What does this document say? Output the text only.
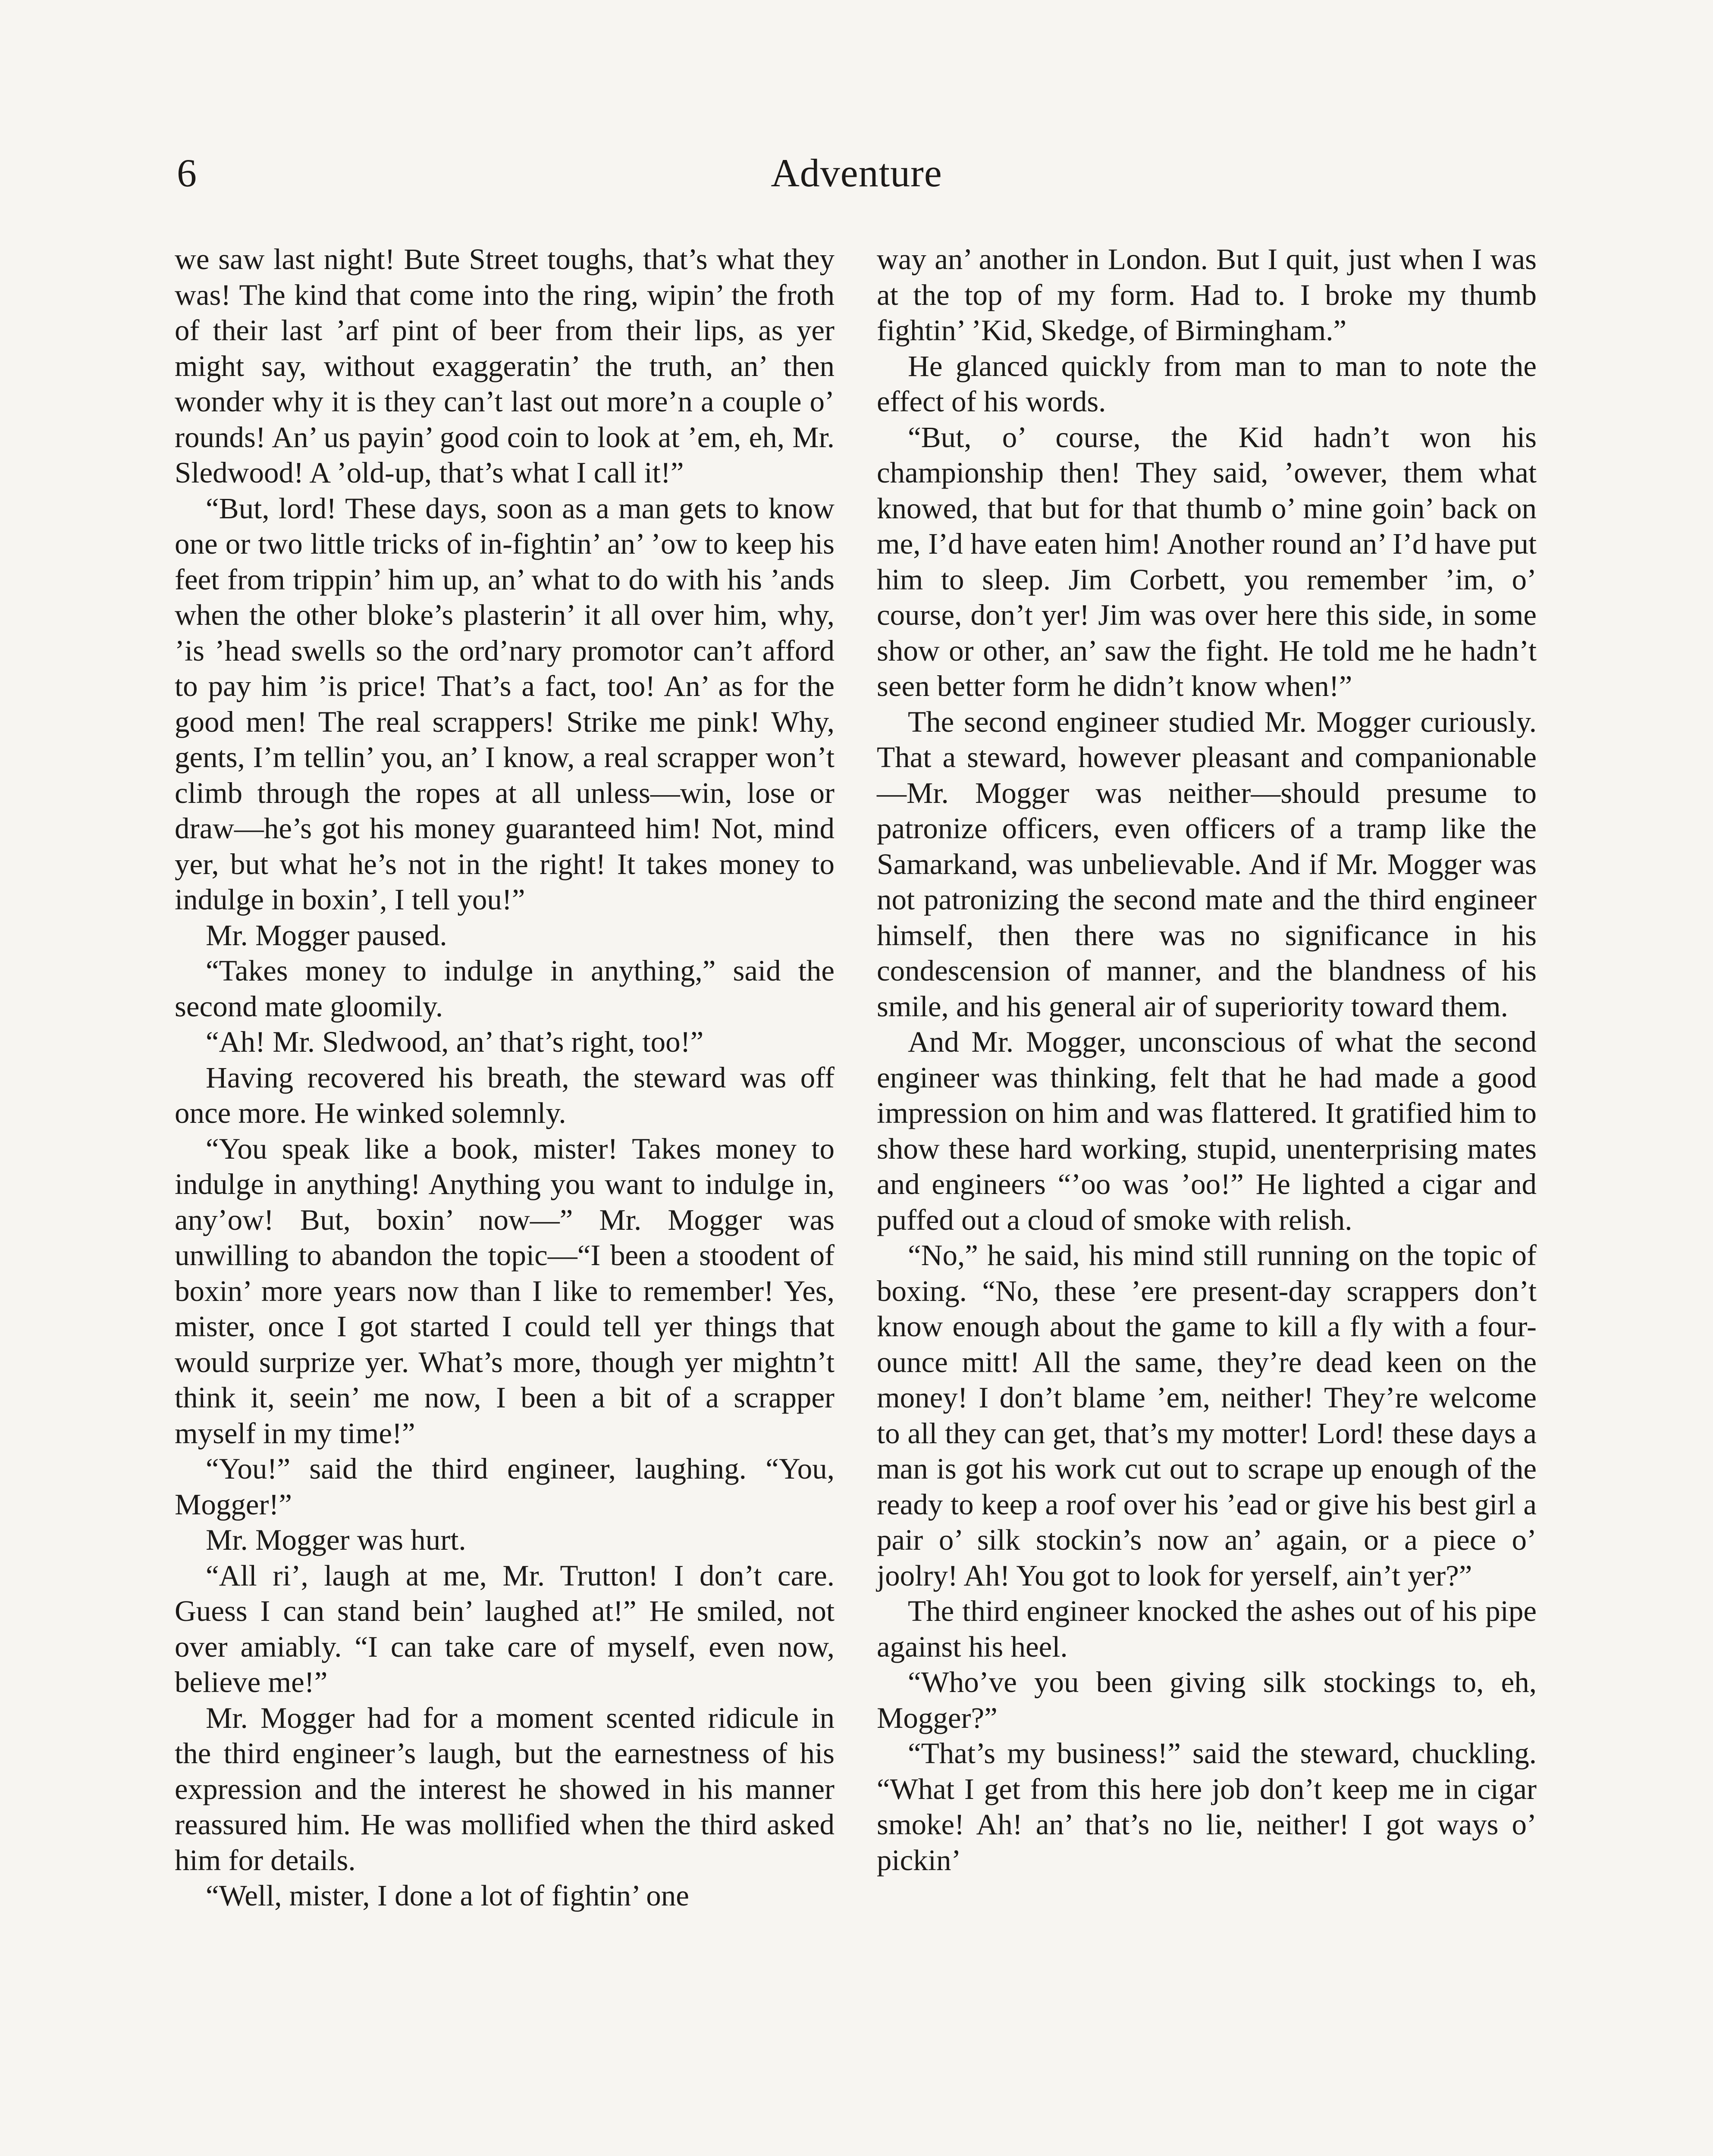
6	Adventure

we saw last night! Bute Street toughs, that’s what they was! The kind that come into the ring, wipin’ the froth of their last ’arf pint of beer from their lips, as yer might say, without exaggeratin’ the truth, an’ then wonder why it is they can’t last out more’n a couple o’ rounds! An’ us payin’ good coin to look at ’em, eh, Mr. Sledwood! A ’old-up, that’s what I call it!”

“But, lord! These days, soon as a man gets to know one or two little tricks of in-fightin’ an’ ’ow to keep his feet from trippin’ him up, an’ what to do with his ’ands when the other bloke’s plasterin’ it all over him, why, ’is ’head swells so the ord’nary promotor can’t afford to pay him ’is price! That’s a fact, too! An’ as for the good men! The real scrappers! Strike me pink! Why, gents, I’m tellin’ you, an’ I know, a real scrapper won’t climb through the ropes at all unless—win, lose or draw—he’s got his money guaranteed him! Not, mind yer, but what he’s not in the right! It takes money to indulge in boxin’, I tell you!”

Mr. Mogger paused.

“Takes money to indulge in anything,” said the second mate gloomily.

“Ah! Mr. Sledwood, an’ that’s right, too!”

Having recovered his breath, the steward was off once more. He winked solemnly.

“You speak like a book, mister! Takes money to indulge in anything! Anything you want to indulge in, any’ow! But, boxin’ now—” Mr. Mogger was unwilling to abandon the topic—“I been a stoodent of boxin’ more years now than I like to remember! Yes, mister, once I got started I could tell yer things that would surprize yer. What’s more, though yer mightn’t think it, seein’ me now, I been a bit of a scrapper myself in my time!”

“You!” said the third engineer, laughing. “You, Mogger!”

Mr. Mogger was hurt.

“All ri’, laugh at me, Mr. Trutton! I don’t care. Guess I can stand bein’ laughed at!” He smiled, not over amiably. “I can take care of myself, even now, believe me!”

Mr. Mogger had for a moment scented ridicule in the third engineer’s laugh, but the earnestness of his expression and the interest he showed in his manner reassured him. He was mollified when the third asked him for details.

“Well, mister, I done a lot of fightin’ one

way an’ another in London. But I quit, just when I was at the top of my form. Had to. I broke my thumb fightin’ ’Kid, Skedge, of Birmingham.”

He glanced quickly from man to man to note the effect of his words.

“But, o’ course, the Kid hadn’t won his championship then! They said, ’owever, them what knowed, that but for that thumb o’ mine goin’ back on me, I’d have eaten him! Another round an’ I’d have put him to sleep. Jim Corbett, you remember ’im, o’ course, don’t yer! Jim was over here this side, in some show or other, an’ saw the fight. He told me he hadn’t seen better form he didn’t know when!”

The second engineer studied Mr. Mogger curiously. That a steward, however pleasant and companionable—Mr. Mogger was neither—should presume to patronize officers, even officers of a tramp like the Samarkand, was unbelievable. And if Mr. Mogger was not patronizing the second mate and the third engineer himself, then there was no significance in his condescension of manner, and the blandness of his smile, and his general air of superiority toward them.

And Mr. Mogger, unconscious of what the second engineer was thinking, felt that he had made a good impression on him and was flattered. It gratified him to show these hard working, stupid, unenterprising mates and engineers “’oo was ’oo!” He lighted a cigar and puffed out a cloud of smoke with relish.

“No,” he said, his mind still running on the topic of boxing. “No, these ’ere present-day scrappers don’t know enough about the game to kill a fly with a four-ounce mitt! All the same, they’re dead keen on the money! I don’t blame ’em, neither! They’re welcome to all they can get, that’s my motter! Lord! these days a man is got his work cut out to scrape up enough of the ready to keep a roof over his ’ead or give his best girl a pair o’ silk stockin’s now an’ again, or a piece o’ joolry! Ah! You got to look for yerself, ain’t yer?”

The third engineer knocked the ashes out of his pipe against his heel.

“Who’ve you been giving silk stockings to, eh, Mogger?”

“That’s my business!” said the steward, chuckling. “What I get from this here job don’t keep me in cigar smoke! Ah! an’ that’s no lie, neither! I got ways o’ pickin’
